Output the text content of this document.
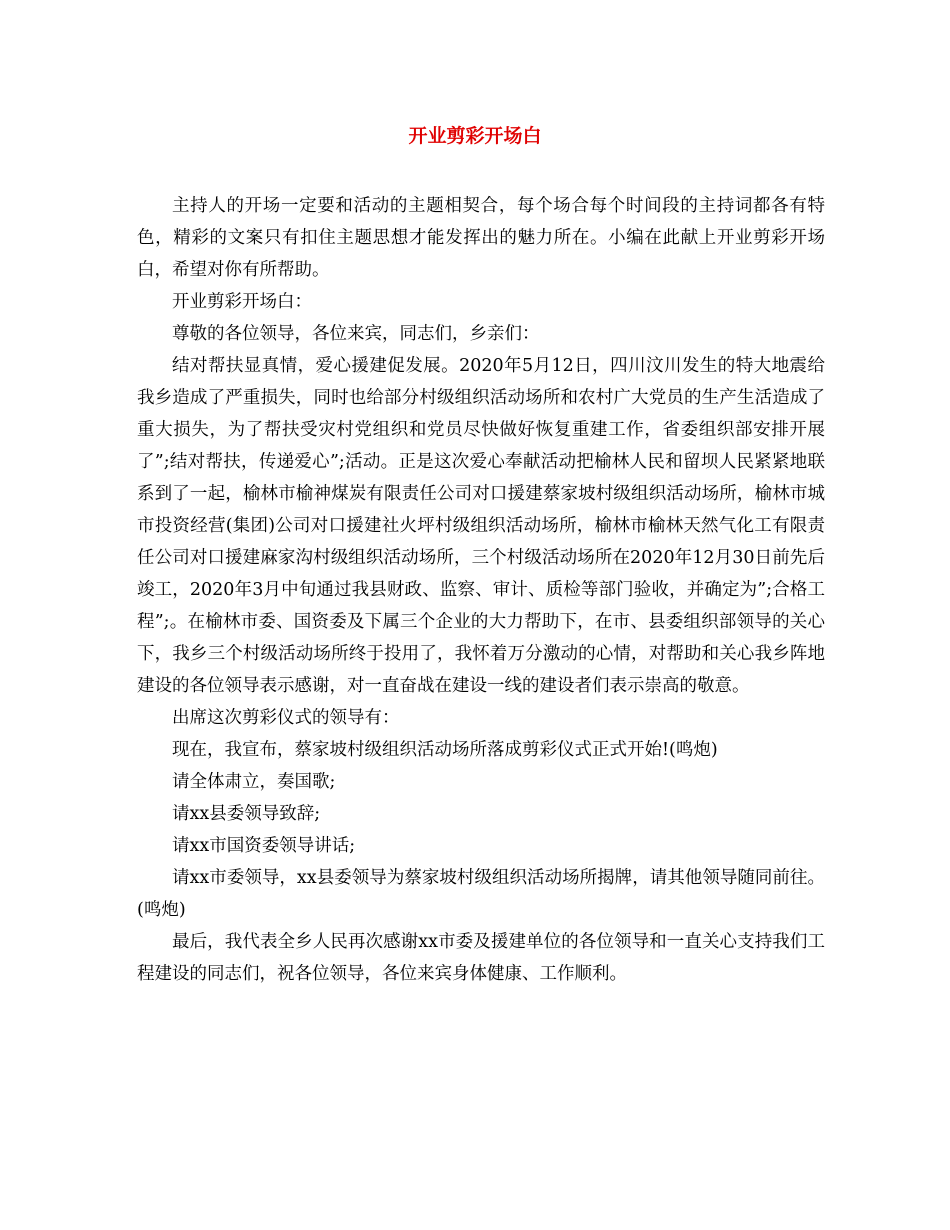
开业剪彩开场白

主持人的开场一定要和活动的主题相契合，每个场合每个时间段的主持词都各有特色，精彩的文案只有扣住主题思想才能发挥出的魅力所在。小编在此献上开业剪彩开场白，希望对你有所帮助。

开业剪彩开场白：

尊敬的各位领导，各位来宾，同志们，乡亲们：

结对帮扶显真情，爱心援建促发展。2020年5月12日，四川汶川发生的特大地震给我乡造成了严重损失，同时也给部分村级组织活动场所和农村广大党员的生产生活造成了重大损失，为了帮扶受灾村党组织和党员尽快做好恢复重建工作，省委组织部安排开展了”;结对帮扶，传递爱心”;活动。正是这次爱心奉献活动把榆林人民和留坝人民紧紧地联系到了一起，榆林市榆神煤炭有限责任公司对口援建蔡家坡村级组织活动场所，榆林市城市投资经营(集团)公司对口援建社火坪村级组织活动场所，榆林市榆林天然气化工有限责任公司对口援建麻家沟村级组织活动场所，三个村级活动场所在2020年12月30日前先后竣工，2020年3月中旬通过我县财政、监察、审计、质检等部门验收，并确定为”;合格工程”;。在榆林市委、国资委及下属三个企业的大力帮助下，在市、县委组织部领导的关心下，我乡三个村级活动场所终于投用了，我怀着万分激动的心情，对帮助和关心我乡阵地建设的各位领导表示感谢，对一直奋战在建设一线的建设者们表示崇高的敬意。

出席这次剪彩仪式的领导有：

现在，我宣布，蔡家坡村级组织活动场所落成剪彩仪式正式开始!(鸣炮)

请全体肃立，奏国歌;

请xx县委领导致辞;

请xx市国资委领导讲话;

请xx市委领导，xx县委领导为蔡家坡村级组织活动场所揭牌，请其他领导随同前往。(鸣炮)

最后，我代表全乡人民再次感谢xx市委及援建单位的各位领导和一直关心支持我们工程建设的同志们，祝各位领导，各位来宾身体健康、工作顺利。
